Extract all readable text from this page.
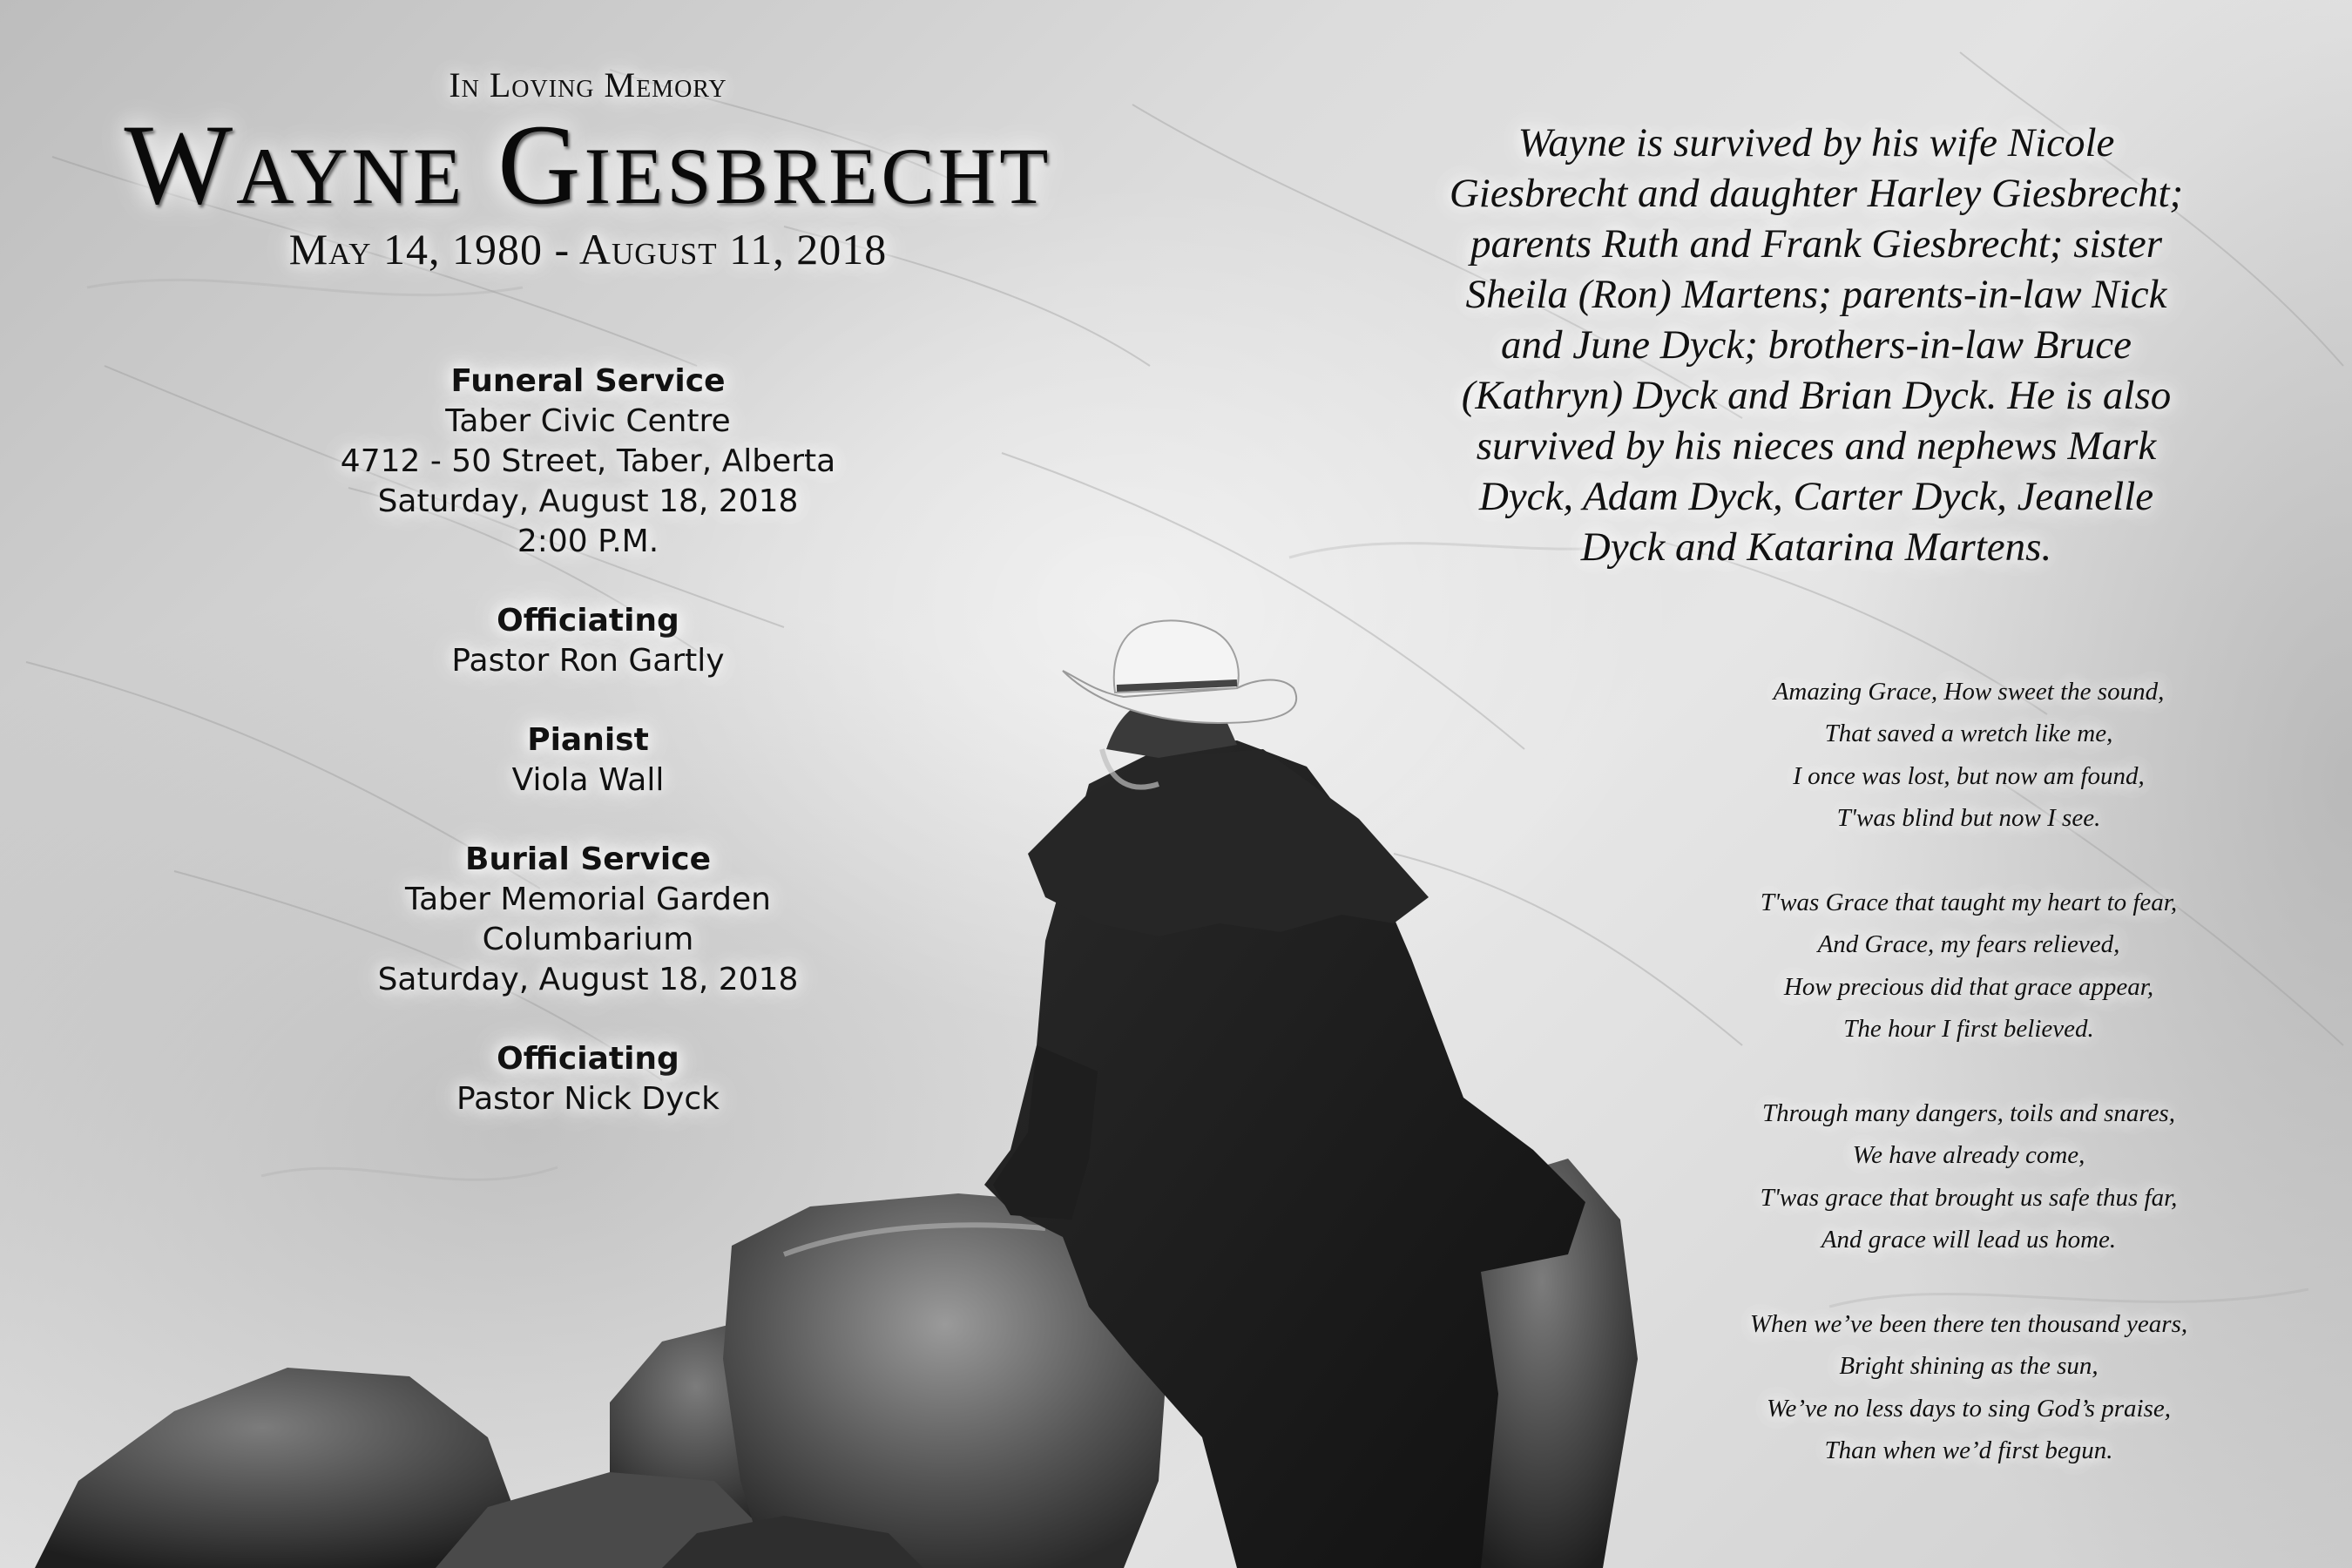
In Loving Memory
Wayne Giesbrecht
May 14, 1980 - August 11, 2018
Funeral Service
Taber Civic Centre
4712 - 50 Street, Taber, Alberta
Saturday, August 18, 2018
2:00 P.M.
Officiating
Pastor Ron Gartly
Pianist
Viola Wall
Burial Service
Taber Memorial Garden
Columbarium
Saturday, August 18, 2018
Officiating
Pastor Nick Dyck
Wayne is survived by his wife Nicole
Giesbrecht and daughter Harley Giesbrecht;
parents Ruth and Frank Giesbrecht; sister
Sheila (Ron) Martens; parents-in-law Nick
and June Dyck; brothers-in-law Bruce
(Kathryn) Dyck and Brian Dyck. He is also
survived by his nieces and nephews Mark
Dyck, Adam Dyck, Carter Dyck, Jeanelle
Dyck and Katarina Martens.
Amazing Grace, How sweet the sound,
That saved a wretch like me,
I once was lost, but now am found,
T'was blind but now I see.
T'was Grace that taught my heart to fear,
And Grace, my fears relieved,
How precious did that grace appear,
The hour I first believed.
Through many dangers, toils and snares,
We have already come,
T'was grace that brought us safe thus far,
And grace will lead us home.
When we’ve been there ten thousand years,
Bright shining as the sun,
We’ve no less days to sing God’s praise,
Than when we’d first begun.
